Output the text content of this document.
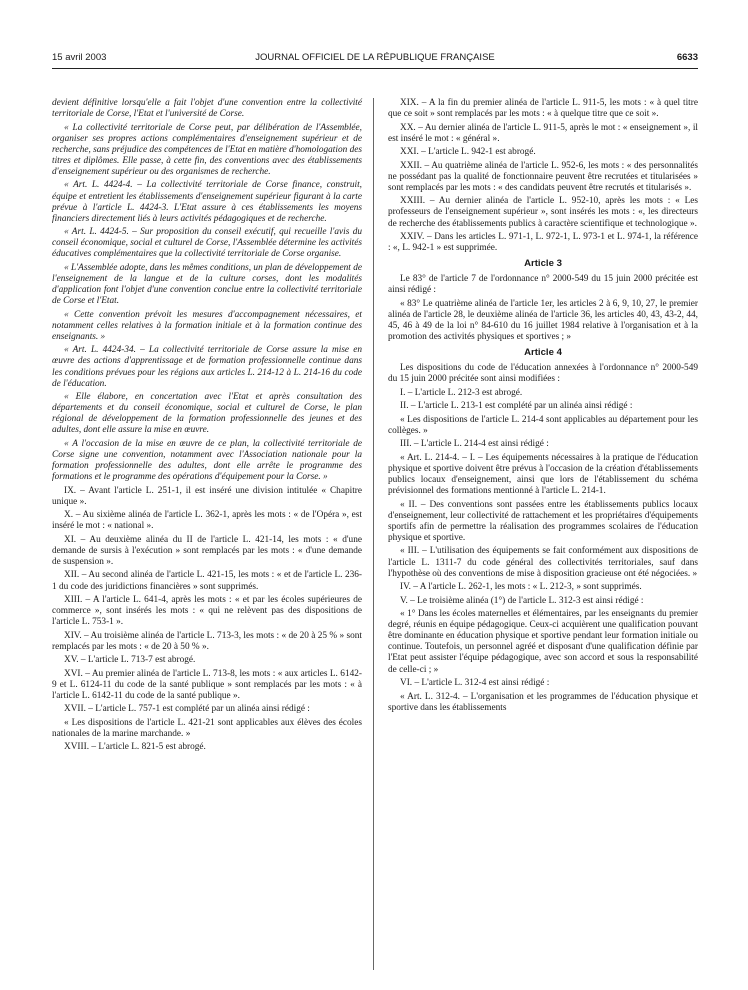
15 avril 2003	JOURNAL OFFICIEL DE LA RÉPUBLIQUE FRANÇAISE	6633

devient définitive lorsqu'elle a fait l'objet d'une convention entre la collectivité territoriale de Corse, l'Etat et l'université de Corse.

« La collectivité territoriale de Corse peut, par délibération de l'Assemblée, organiser ses propres actions complémentaires d'enseignement supérieur et de recherche, sans préjudice des compétences de l'Etat en matière d'homologation des titres et diplômes. Elle passe, à cette fin, des conventions avec des établissements d'enseignement supérieur ou des organismes de recherche.

« Art. L. 4424-4. – La collectivité territoriale de Corse finance, construit, équipe et entretient les établissements d'enseignement supérieur figurant à la carte prévue à l'article L. 4424-3. L'Etat assure à ces établissements les moyens financiers directement liés à leurs activités pédagogiques et de recherche.

« Art. L. 4424-5. – Sur proposition du conseil exécutif, qui recueille l'avis du conseil économique, social et culturel de Corse, l'Assemblée détermine les activités éducatives complémentaires que la collectivité territoriale de Corse organise.

« L'Assemblée adopte, dans les mêmes conditions, un plan de développement de l'enseignement de la langue et de la culture corses, dont les modalités d'application font l'objet d'une convention conclue entre la collectivité territoriale de Corse et l'Etat.

« Cette convention prévoit les mesures d'accompagnement nécessaires, et notamment celles relatives à la formation initiale et à la formation continue des enseignants. »

« Art. L. 4424-34. – La collectivité territoriale de Corse assure la mise en œuvre des actions d'apprentissage et de formation professionnelle continue dans les conditions prévues pour les régions aux articles L. 214-12 à L. 214-16 du code de l'éducation.

« Elle élabore, en concertation avec l'Etat et après consultation des départements et du conseil économique, social et culturel de Corse, le plan régional de développement de la formation professionnelle des jeunes et des adultes, dont elle assure la mise en œuvre.

« A l'occasion de la mise en œuvre de ce plan, la collectivité territoriale de Corse signe une convention, notamment avec l'Association nationale pour la formation professionnelle des adultes, dont elle arrête le programme des formations et le programme des opérations d'équipement pour la Corse. »

IX. – Avant l'article L. 251-1, il est inséré une division intitulée « Chapitre unique ».

X. – Au sixième alinéa de l'article L. 362-1, après les mots : « de l'Opéra », est inséré le mot : « national ».

XI. – Au deuxième alinéa du II de l'article L. 421-14, les mots : « d'une demande de sursis à l'exécution » sont remplacés par les mots : « d'une demande de suspension ».

XII. – Au second alinéa de l'article L. 421-15, les mots : « et de l'article L. 236-1 du code des juridictions financières » sont supprimés.

XIII. – A l'article L. 641-4, après les mots : « et par les écoles supérieures de commerce », sont insérés les mots : « qui ne relèvent pas des dispositions de l'article L. 753-1 ».

XIV. – Au troisième alinéa de l'article L. 713-3, les mots : « de 20 à 25 % » sont remplacés par les mots : « de 20 à 50 % ».

XV. – L'article L. 713-7 est abrogé.

XVI. – Au premier alinéa de l'article L. 713-8, les mots : « aux articles L. 6142-9 et L. 6124-11 du code de la santé publique » sont remplacés par les mots : « à l'article L. 6142-11 du code de la santé publique ».

XVII. – L'article L. 757-1 est complété par un alinéa ainsi rédigé :

« Les dispositions de l'article L. 421-21 sont applicables aux élèves des écoles nationales de la marine marchande. »

XVIII. – L'article L. 821-5 est abrogé.

XIX. – A la fin du premier alinéa de l'article L. 911-5, les mots : « à quel titre que ce soit » sont remplacés par les mots : « à quelque titre que ce soit ».

XX. – Au dernier alinéa de l'article L. 911-5, après le mot : « enseignement », il est inséré le mot : « général ».

XXI. – L'article L. 942-1 est abrogé.

XXII. – Au quatrième alinéa de l'article L. 952-6, les mots : « des personnalités ne possédant pas la qualité de fonctionnaire peuvent être recrutées et titularisées » sont remplacés par les mots : « des candidats peuvent être recrutés et titularisés ».

XXIII. – Au dernier alinéa de l'article L. 952-10, après les mots : « Les professeurs de l'enseignement supérieur », sont insérés les mots : «, les directeurs de recherche des établissements publics à caractère scientifique et technologique ».

XXIV. – Dans les articles L. 971-1, L. 972-1, L. 973-1 et L. 974-1, la référence : «, L. 942-1 » est supprimée.

Article 3

Le 83° de l'article 7 de l'ordonnance n° 2000-549 du 15 juin 2000 précitée est ainsi rédigé :

« 83° Le quatrième alinéa de l'article 1er, les articles 2 à 6, 9, 10, 27, le premier alinéa de l'article 28, le deuxième alinéa de l'article 36, les articles 40, 43, 43-2, 44, 45, 46 à 49 de la loi n° 84-610 du 16 juillet 1984 relative à l'organisation et à la promotion des activités physiques et sportives ; »

Article 4

Les dispositions du code de l'éducation annexées à l'ordonnance n° 2000-549 du 15 juin 2000 précitée sont ainsi modifiées :

I. – L'article L. 212-3 est abrogé.

II. – L'article L. 213-1 est complété par un alinéa ainsi rédigé :

« Les dispositions de l'article L. 214-4 sont applicables au département pour les collèges. »

III. – L'article L. 214-4 est ainsi rédigé :

« Art. L. 214-4. – I. – Les équipements nécessaires à la pratique de l'éducation physique et sportive doivent être prévus à l'occasion de la création d'établissements publics locaux d'enseignement, ainsi que lors de l'établissement du schéma prévisionnel des formations mentionné à l'article L. 214-1.

« II. – Des conventions sont passées entre les établissements publics locaux d'enseignement, leur collectivité de rattachement et les propriétaires d'équipements sportifs afin de permettre la réalisation des programmes scolaires de l'éducation physique et sportive.

« III. – L'utilisation des équipements se fait conformément aux dispositions de l'article L. 1311-7 du code général des collectivités territoriales, sauf dans l'hypothèse où des conventions de mise à disposition gracieuse ont été négociées. »

IV. – A l'article L. 262-1, les mots : « L. 212-3, » sont supprimés.

V. – Le troisième alinéa (1°) de l'article L. 312-3 est ainsi rédigé :

« 1° Dans les écoles maternelles et élémentaires, par les enseignants du premier degré, réunis en équipe pédagogique. Ceux-ci acquièrent une qualification pouvant être dominante en éducation physique et sportive pendant leur formation initiale ou continue. Toutefois, un personnel agréé et disposant d'une qualification définie par l'Etat peut assister l'équipe pédagogique, avec son accord et sous la responsabilité de celle-ci ; »

VI. – L'article L. 312-4 est ainsi rédigé :

« Art. L. 312-4. – L'organisation et les programmes de l'éducation physique et sportive dans les établissements
